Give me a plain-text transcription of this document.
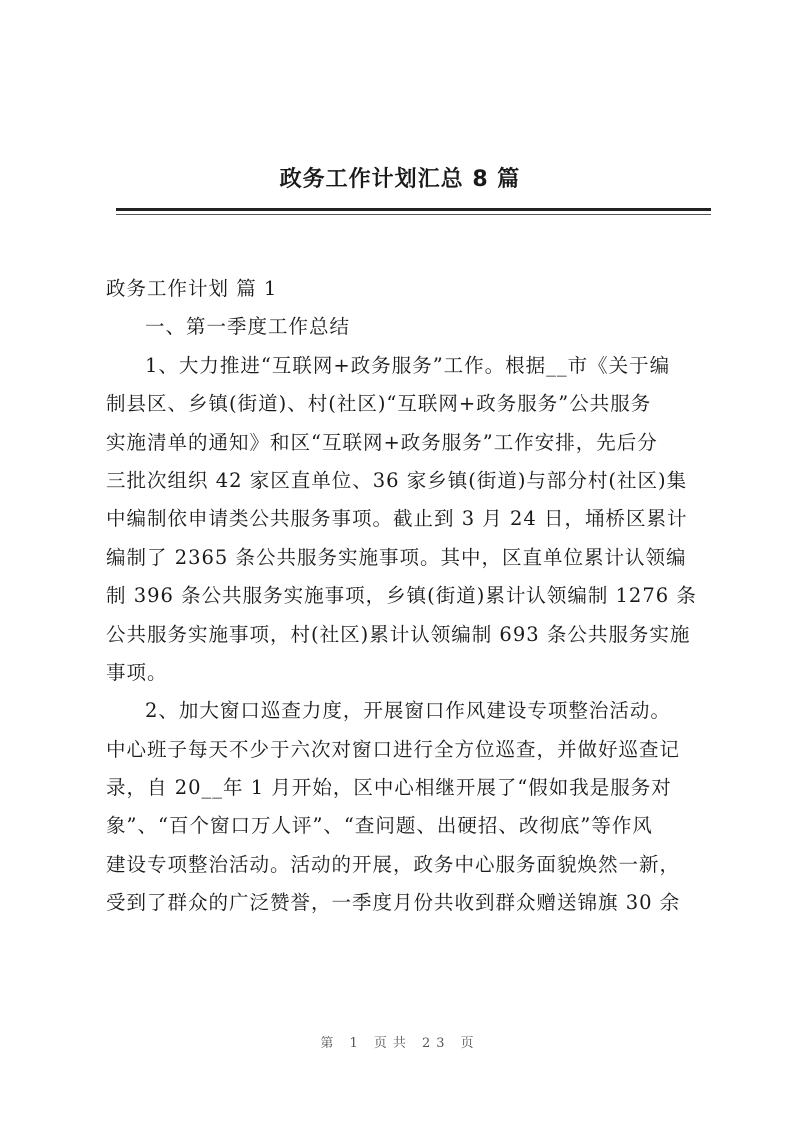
政务工作计划汇总 8 篇
政务工作计划 篇 1
一、第一季度工作总结
1、大力推进“互联网+政务服务”工作。根据__市《关于编
制县区、乡镇(街道)、村(社区)“互联网+政务服务”公共服务
实施清单的通知》和区“互联网+政务服务”工作安排，先后分
三批次组织 42 家区直单位、36 家乡镇(街道)与部分村(社区)集
中编制依申请类公共服务事项。截止到 3 月 24 日，埇桥区累计
编制了 2365 条公共服务实施事项。其中，区直单位累计认领编
制 396 条公共服务实施事项，乡镇(街道)累计认领编制 1276 条
公共服务实施事项，村(社区)累计认领编制 693 条公共服务实施
事项。
2、加大窗口巡查力度，开展窗口作风建设专项整治活动。
中心班子每天不少于六次对窗口进行全方位巡查，并做好巡查记
录，自 20__年 1 月开始，区中心相继开展了“假如我是服务对
象”、“百个窗口万人评”、“查问题、出硬招、改彻底”等作风
建设专项整治活动。活动的开展，政务中心服务面貌焕然一新，
受到了群众的广泛赞誉，一季度月份共收到群众赠送锦旗 30 余
第 1 页共 23 页
